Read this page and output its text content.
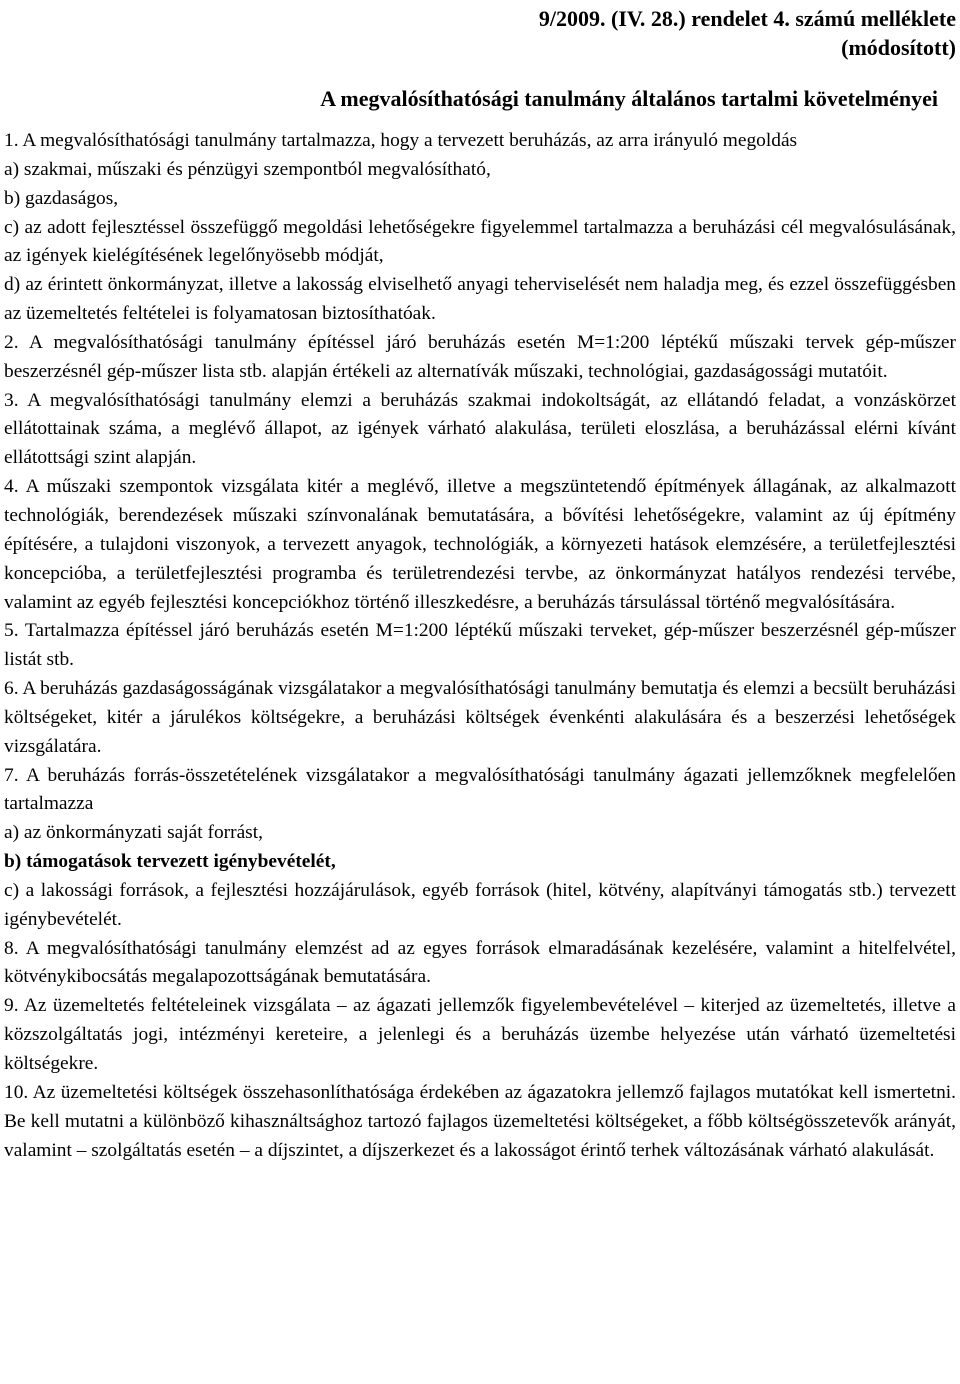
9/2009. (IV. 28.) rendelet 4. számú melléklete
(módosított)
A megvalósíthatósági tanulmány általános tartalmi követelményei
1. A megvalósíthatósági tanulmány tartalmazza, hogy a tervezett beruházás, az arra irányuló megoldás
a) szakmai, műszaki és pénzügyi szempontból megvalósítható,
b) gazdaságos,
c) az adott fejlesztéssel összefüggő megoldási lehetőségekre figyelemmel tartalmazza a beruházási cél megvalósulásának, az igények kielégítésének legelőnyösebb módját,
d) az érintett önkormányzat, illetve a lakosság elviselhető anyagi teherviselését nem haladja meg, és ezzel összefüggésben az üzemeltetés feltételei is folyamatosan biztosíthatóak.
2. A megvalósíthatósági tanulmány építéssel járó beruházás esetén M=1:200 léptékű műszaki tervek gép-műszer beszerzésnél gép-műszer lista stb. alapján értékeli az alternatívák műszaki, technológiai, gazdaságossági mutatóit.
3. A megvalósíthatósági tanulmány elemzi a beruházás szakmai indokoltságát, az ellátandó feladat, a vonzáskörzet ellátottainak száma, a meglévő állapot, az igények várható alakulása, területi eloszlása, a beruházással elérni kívánt ellátottsági szint alapján.
4. A műszaki szempontok vizsgálata kitér a meglévő, illetve a megszüntetendő építmények állagának, az alkalmazott technológiák, berendezések műszaki színvonalának bemutatására, a bővítési lehetőségekre, valamint az új építmény építésére, a tulajdoni viszonyok, a tervezett anyagok, technológiák, a környezeti hatások elemzésére, a területfejlesztési koncepcióba, a területfejlesztési programba és területrendezési tervbe, az önkormányzat hatályos rendezési tervébe, valamint az egyéb fejlesztési koncepciókhoz történő illeszkedésre, a beruházás társulással történő megvalósítására.
5. Tartalmazza építéssel járó beruházás esetén M=1:200 léptékű műszaki terveket, gép-műszer beszerzésnél gép-műszer listát stb.
6. A beruházás gazdaságosságának vizsgálatakor a megvalósíthatósági tanulmány bemutatja és elemzi a becsült beruházási költségeket, kitér a járulékos költségekre, a beruházási költségek évenkénti alakulására és a beszerzési lehetőségek vizsgálatára.
7. A beruházás forrás-összetételének vizsgálatakor a megvalósíthatósági tanulmány ágazati jellemzőknek megfelelően tartalmazza
a) az önkormányzati saját forrást,
b) támogatások tervezett igénybevételét,
c) a lakossági források, a fejlesztési hozzájárulások, egyéb források (hitel, kötvény, alapítványi támogatás stb.) tervezett igénybevételét.
8. A megvalósíthatósági tanulmány elemzést ad az egyes források elmaradásának kezelésére, valamint a hitelfelvétel, kötvénykibocsátás megalapozottságának bemutatására.
9. Az üzemeltetés feltételeinek vizsgálata – az ágazati jellemzők figyelembevételével – kiterjed az üzemeltetés, illetve a közszolgáltatás jogi, intézményi kereteire, a jelenlegi és a beruházás üzembe helyezése után várható üzemeltetési költségekre.
10. Az üzemeltetési költségek összehasonlíthatósága érdekében az ágazatokra jellemző fajlagos mutatókat kell ismertetni. Be kell mutatni a különböző kihasználtsághoz tartozó fajlagos üzemeltetési költségeket, a főbb költségösszetevők arányát, valamint – szolgáltatás esetén – a díjszintet, a díjszerkezet és a lakosságot érintő terhek változásának várható alakulását.
